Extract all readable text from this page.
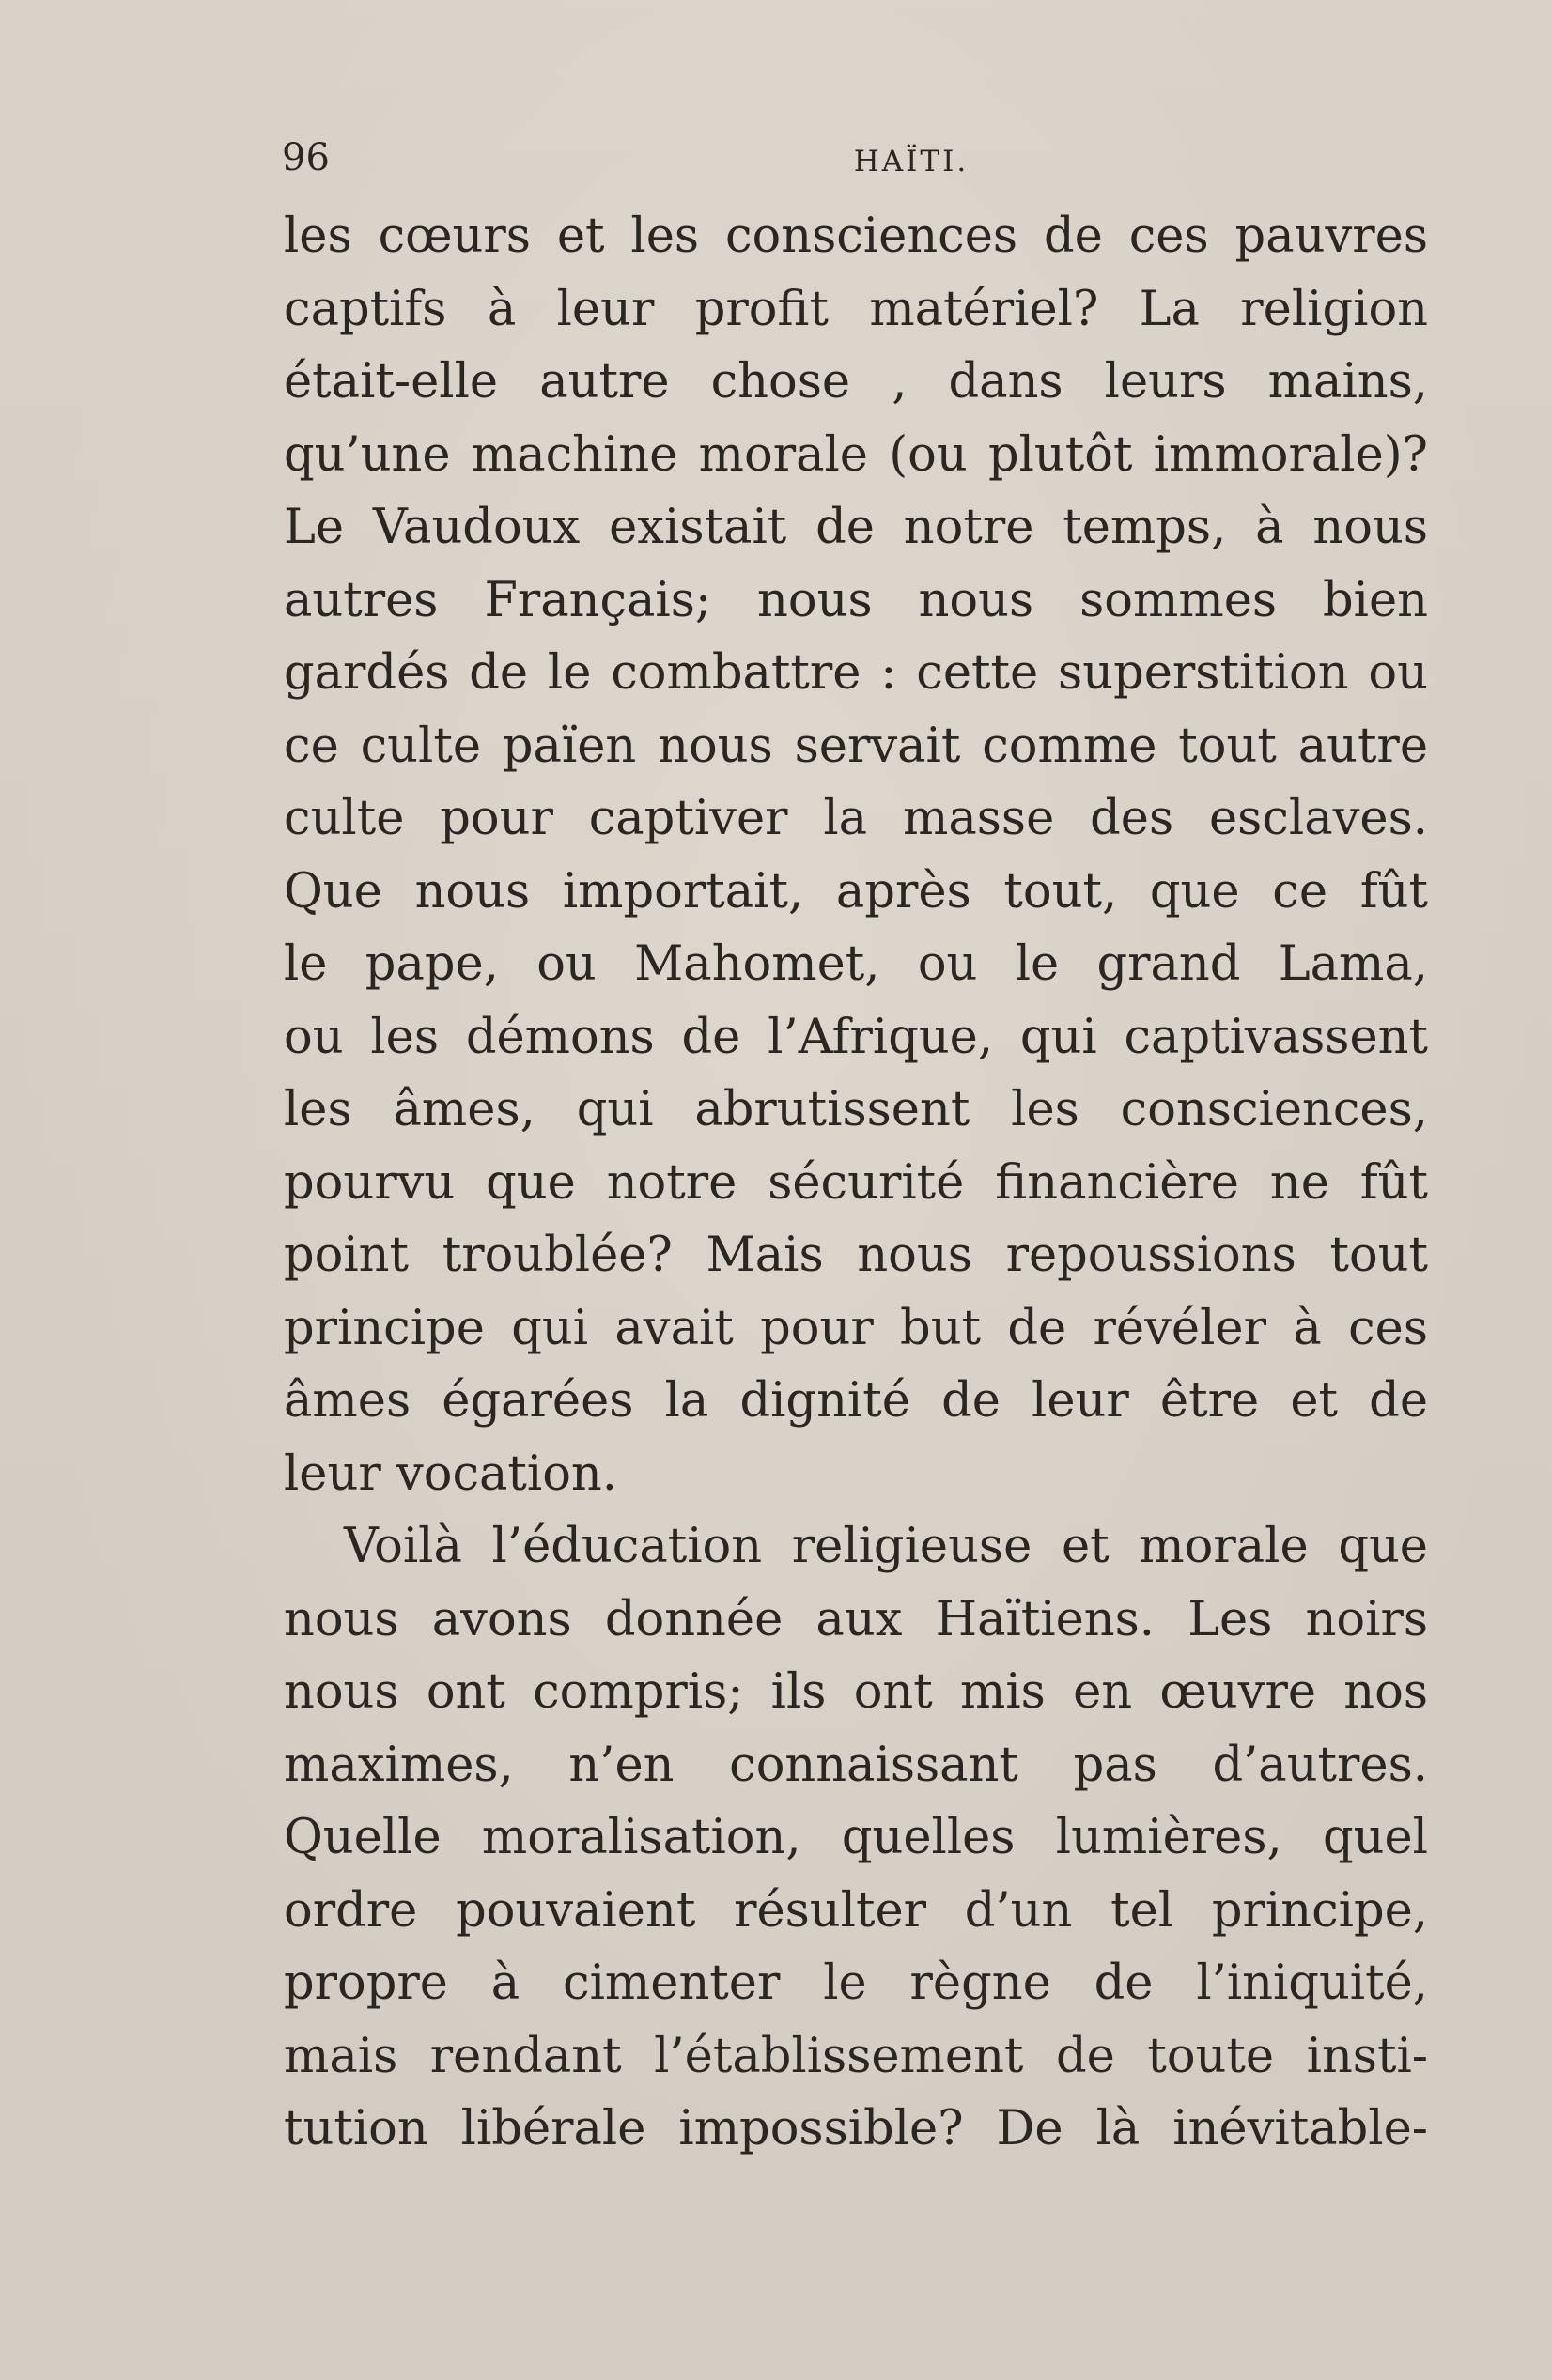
96	HAÏTI.
les cœurs et les consciences de ces pauvres
captifs à leur profit matériel? La religion
était-elle autre chose , dans leurs mains,
qu’une machine morale (ou plutôt immorale)?
Le Vaudoux existait de notre temps, à nous
autres Français; nous nous sommes bien
gardés de le combattre : cette superstition ou
ce culte païen nous servait comme tout autre
culte pour captiver la masse des esclaves.
Que nous importait, après tout, que ce fût
le pape, ou Mahomet, ou le grand Lama,
ou les démons de l’Afrique, qui captivassent
les âmes, qui abrutissent les consciences,
pourvu que notre sécurité financière ne fût
point troublée? Mais nous repoussions tout
principe qui avait pour but de révéler à ces
âmes égarées la dignité de leur être et de
leur vocation.
Voilà l’éducation religieuse et morale que
nous avons donnée aux Haïtiens. Les noirs
nous ont compris; ils ont mis en œuvre nos
maximes, n’en connaissant pas d’autres.
Quelle moralisation, quelles lumières, quel
ordre pouvaient résulter d’un tel principe,
propre à cimenter le règne de l’iniquité,
mais rendant l’établissement de toute insti-
tution libérale impossible? De là inévitable-
